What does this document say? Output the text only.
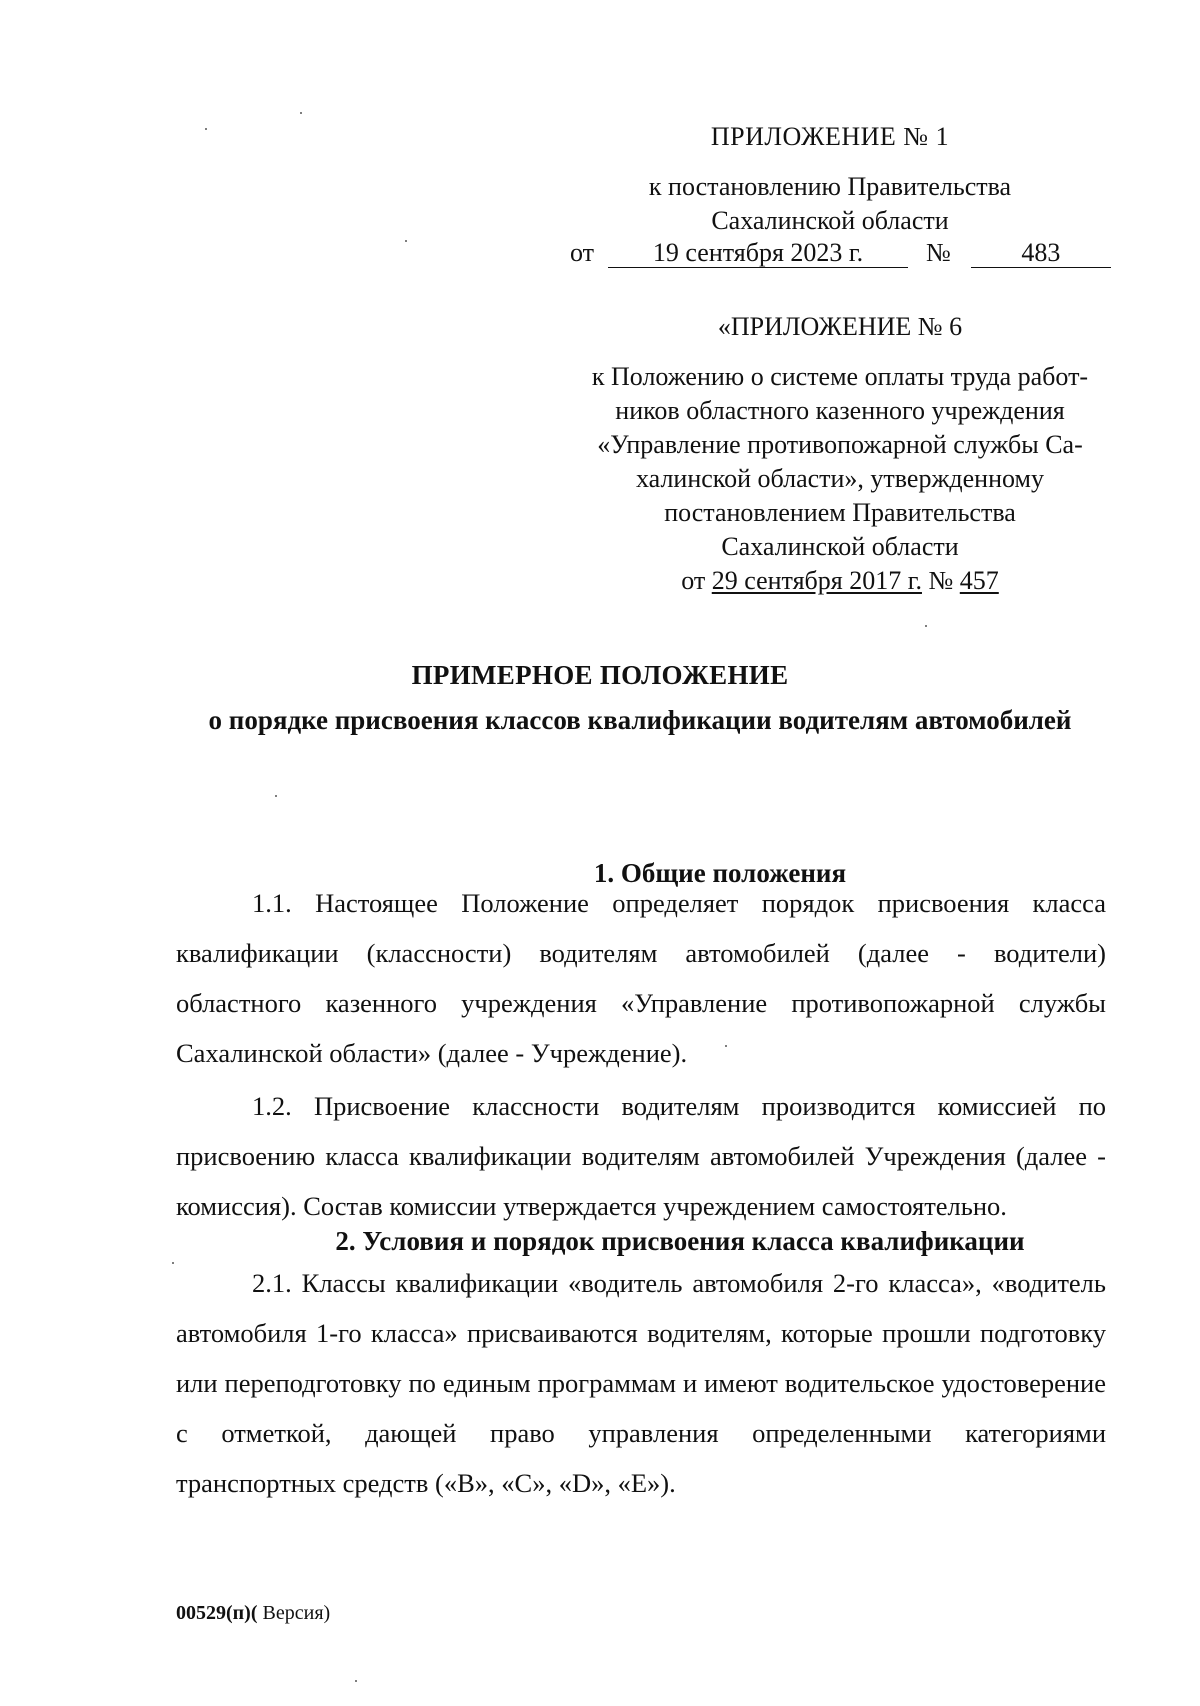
ПРИЛОЖЕНИЕ № 1
к постановлению Правительства
Сахалинской области
от 19 сентября 2023 г. №	483
«ПРИЛОЖЕНИЕ № 6
к Положению о системе оплаты труда работ-
ников областного казенного учреждения
«Управление противопожарной службы Са-
халинской области», утвержденному
постановлением Правительства
Сахалинской области
от 29 сентября 2017 г. № 457
ПРИМЕРНОЕ ПОЛОЖЕНИЕ
о порядке присвоения классов квалификации водителям автомобилей
1. Общие положения
1.1. Настоящее Положение определяет порядок присвоения класса квалификации (классности) водителям автомобилей (далее - водители) областного казенного учреждения «Управление противопожарной службы Сахалинской области» (далее - Учреждение).
1.2. Присвоение классности водителям производится комиссией по присвоению класса квалификации водителям автомобилей Учреждения (далее - комиссия). Состав комиссии утверждается учреждением самостоятельно.
2. Условия и порядок присвоения класса квалификации
2.1. Классы квалификации «водитель автомобиля 2-го класса», «водитель автомобиля 1-го класса» присваиваются водителям, которые прошли подготовку или переподготовку по единым программам и имеют водительское удостоверение с отметкой, дающей право управления определенными категориями транспортных средств («B», «C», «D», «E»).
00529(п)( Версия)
